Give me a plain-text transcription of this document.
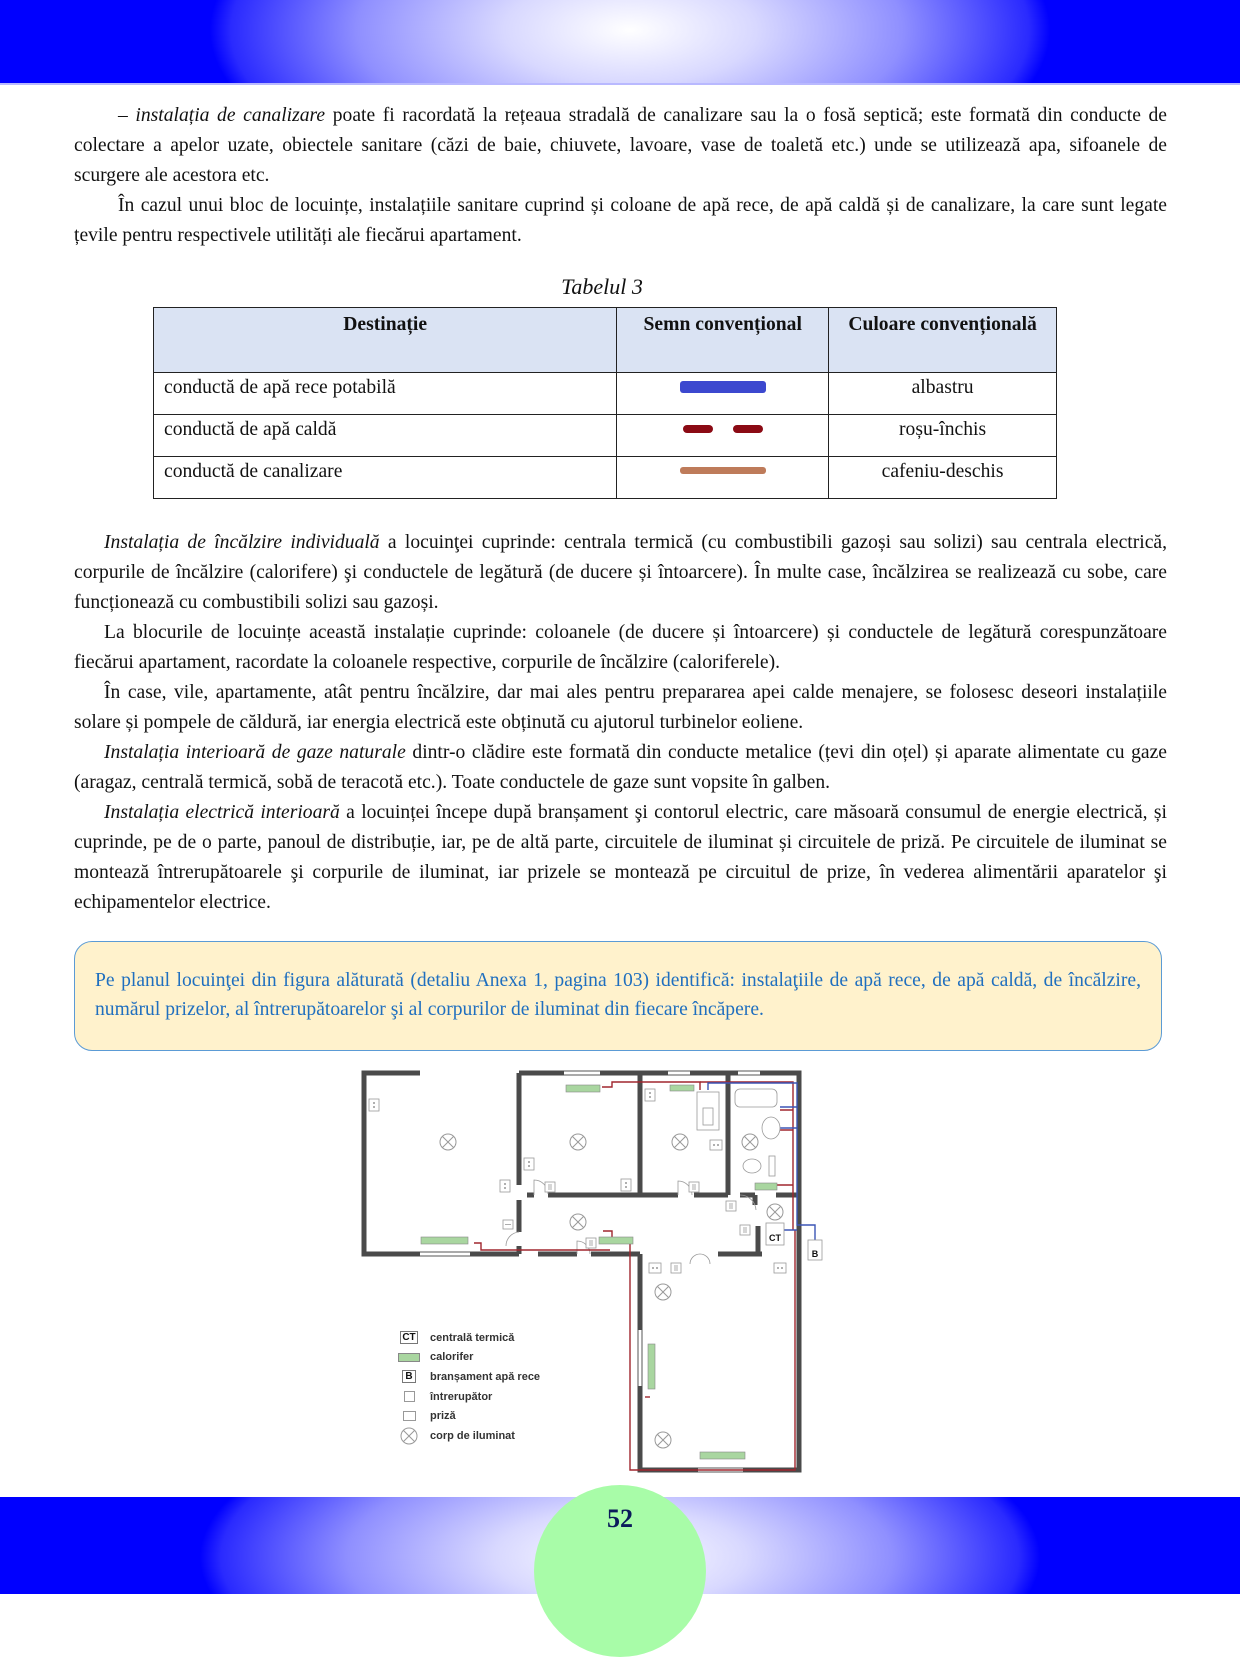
– instalația de canalizare poate fi racordată la rețeaua stradală de canalizare sau la o fosă septică; este formată din conducte de colectare a apelor uzate, obiectele sanitare (căzi de baie, chiuvete, lavoare, vase de toaletă etc.) unde se utilizează apa, sifoanele de scurgere ale acestora etc.

În cazul unui bloc de locuințe, instalațiile sanitare cuprind și coloane de apă rece, de apă caldă și de canalizare, la care sunt legate țevile pentru respectivele utilități ale fiecărui apartament.

Tabelul 3
Destinație	Semn convențional	Culoare convențională
conductă de apă rece potabilă		albastru
conductă de apă caldă		roșu-închis
conductă de canalizare		cafeniu-deschis

Instalația de încălzire individuală a locuinţei cuprinde: centrala termică (cu combustibili gazoși sau solizi) sau centrala electrică, corpurile de încălzire (calorifere) şi conductele de legătură (de ducere și întoarcere). În multe case, încălzirea se realizează cu sobe, care funcționează cu combustibili solizi sau gazoși.

La blocurile de locuințe această instalație cuprinde: coloanele (de ducere și întoarcere) și conductele de legătură corespunzătoare fiecărui apartament, racordate la coloanele respective, corpurile de încălzire (caloriferele).

În case, vile, apartamente, atât pentru încălzire, dar mai ales pentru prepararea apei calde menajere, se folosesc deseori instalațiile solare și pompele de căldură, iar energia electrică este obținută cu ajutorul turbinelor eoliene.

Instalația interioară de gaze naturale dintr-o clădire este formată din conducte metalice (țevi din oțel) și aparate alimentate cu gaze (aragaz, centrală termică, sobă de teracotă etc.). Toate conductele de gaze sunt vopsite în galben.

Instalația electrică interioară a locuinței începe după branșament şi contorul electric, care măsoară consumul de energie electrică, și cuprinde, pe de o parte, panoul de distribuție, iar, pe de altă parte, circuitele de iluminat și circuitele de priză. Pe circuitele de iluminat se montează întrerupătoarele şi corpurile de iluminat, iar prizele se montează pe circuitul de prize, în vederea alimentării aparatelor şi echipamentelor electrice.

Pe planul locuinţei din figura alăturată (detaliu Anexa 1, pagina 103) identifică: instalaţiile de apă rece, de apă caldă, de încălzire, numărul prizelor, al întrerupătoarelor şi al corpurilor de iluminat din fiecare încăpere.
CT
B
CT centrală termică
calorifer
B branșament apă rece
întrerupător
priză
corp de iluminat
52
